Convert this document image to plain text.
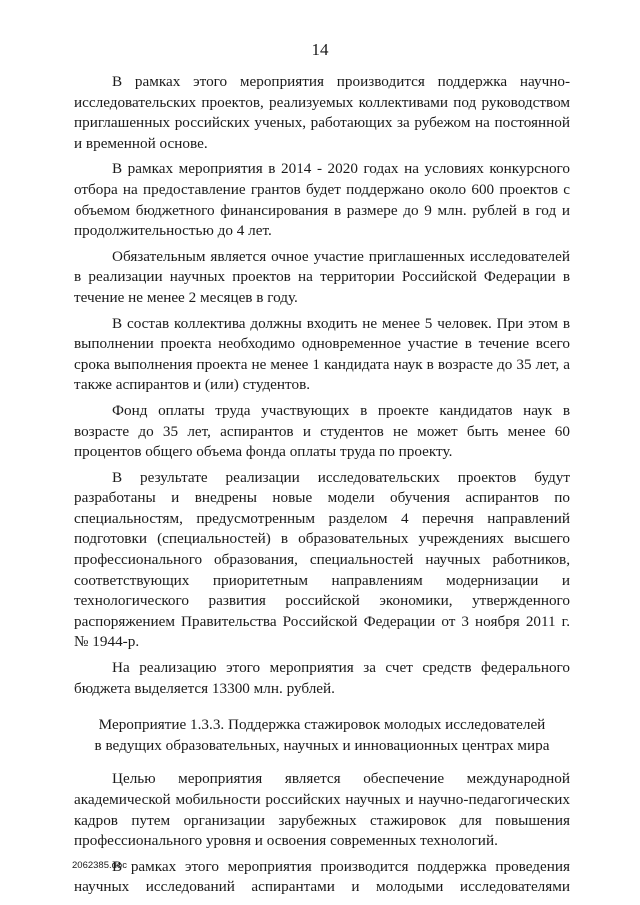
14

В рамках этого мероприятия производится поддержка научно-исследовательских проектов, реализуемых коллективами под руководством приглашенных российских ученых, работающих за рубежом на постоянной и временной основе.

В рамках мероприятия в 2014 - 2020 годах на условиях конкурсного отбора на предоставление грантов будет поддержано около 600 проектов с объемом бюджетного финансирования в размере до 9 млн. рублей в год и продолжительностью до 4 лет.

Обязательным является очное участие приглашенных исследователей в реализации научных проектов на территории Российской Федерации в течение не менее 2 месяцев в году.

В состав коллектива должны входить не менее 5 человек. При этом в выполнении проекта необходимо одновременное участие в течение всего срока выполнения проекта не менее 1 кандидата наук в возрасте до 35 лет, а также аспирантов и (или) студентов.

Фонд оплаты труда участвующих в проекте кандидатов наук в возрасте до 35 лет, аспирантов и студентов не может быть менее 60 процентов общего объема фонда оплаты труда по проекту.

В результате реализации исследовательских проектов будут разработаны и внедрены новые модели обучения аспирантов по специальностям, предусмотренным разделом 4 перечня направлений подготовки (специальностей) в образовательных учреждениях высшего профессионального образования, специальностей научных работников, соответствующих приоритетным направлениям модернизации и технологического развития российской экономики, утвержденного распоряжением Правительства Российской Федерации от 3 ноября 2011 г. № 1944-р.

На реализацию этого мероприятия за счет средств федерального бюджета выделяется 13300 млн. рублей.

Мероприятие 1.3.3. Поддержка стажировок молодых исследователей
в ведущих образовательных, научных и инновационных центрах мира

Целью мероприятия является обеспечение международной академической мобильности российских научных и научно-педагогических кадров путем организации зарубежных стажировок для повышения профессионального уровня и освоения современных технологий.

В рамках этого мероприятия производится поддержка проведения научных исследований аспирантами и молодыми исследователями

2062385.doc
